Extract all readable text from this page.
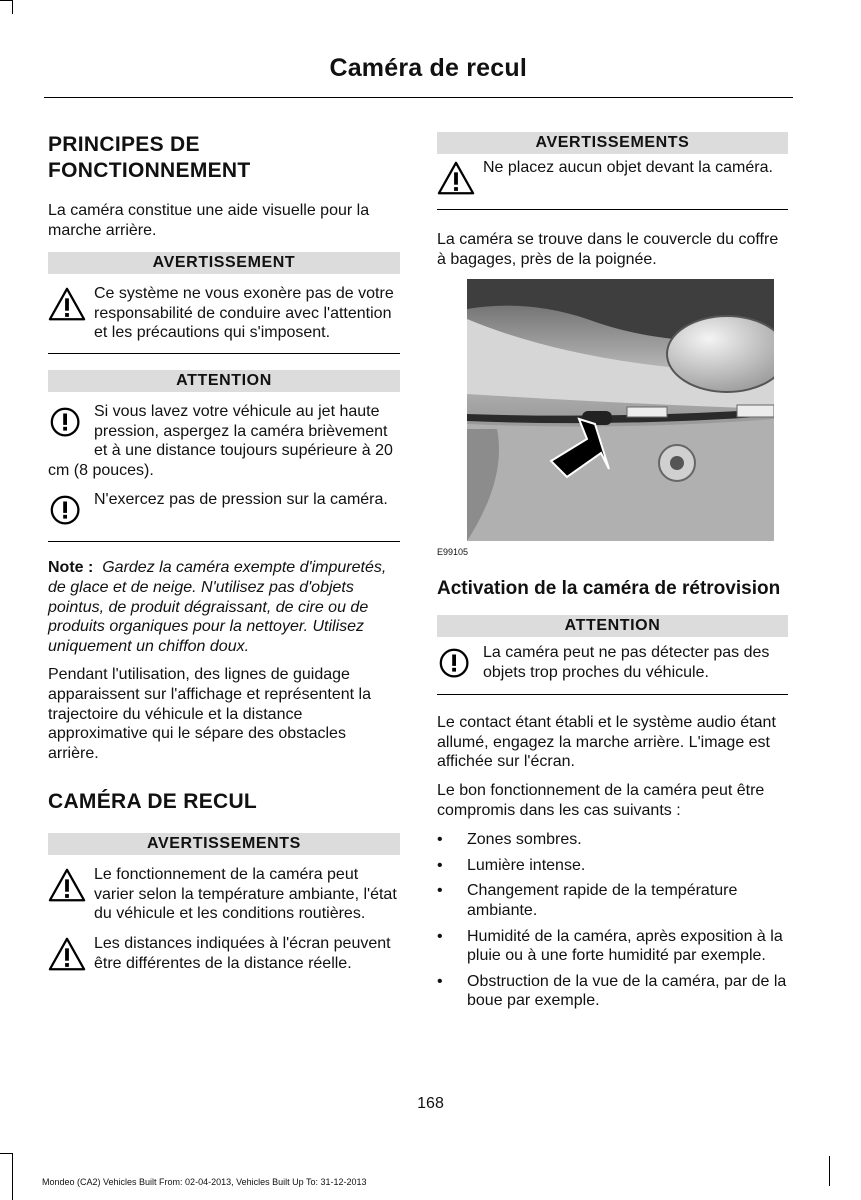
Caméra de recul
PRINCIPES DE FONCTIONNEMENT

La caméra constitue une aide visuelle pour la marche arrière.

AVERTISSEMENT
Ce système ne vous exonère pas de votre responsabilité de conduire avec l'attention et les précautions qui s'imposent.
ATTENTION
Si vous lavez votre véhicule au jet haute pression, aspergez la caméra brièvement et à une distance toujours supérieure à 20 cm (8 pouces).
N'exercez pas de pression sur la caméra.

Note : Gardez la caméra exempte d'impuretés, de glace et de neige. N'utilisez pas d'objets pointus, de produit dégraissant, de cire ou de produits organiques pour la nettoyer. Utilisez uniquement un chiffon doux.

Pendant l'utilisation, des lignes de guidage apparaissent sur l'affichage et représentent la trajectoire du véhicule et la distance approximative qui le sépare des obstacles arrière.

CAMÉRA DE RECUL
AVERTISSEMENTS
Le fonctionnement de la caméra peut varier selon la température ambiante, l'état du véhicule et les conditions routières.
Les distances indiquées à l'écran peuvent être différentes de la distance réelle.
AVERTISSEMENTS
Ne placez aucun objet devant la caméra.

La caméra se trouve dans le couvercle du coffre à bagages, près de la poignée.

E99105
Activation de la caméra de rétrovision
ATTENTION
La caméra peut ne pas détecter pas des objets trop proches du véhicule.

Le contact étant établi et le système audio étant allumé, engagez la marche arrière. L'image est affichée sur l'écran.

Le bon fonctionnement de la caméra peut être compromis dans les cas suivants :

• Zones sombres.
• Lumière intense.
• Changement rapide de la température ambiante.
• Humidité de la caméra, après exposition à la pluie ou à une forte humidité par exemple.
• Obstruction de la vue de la caméra, par de la boue par exemple.
168
Mondeo (CA2) Vehicles Built From: 02-04-2013, Vehicles Built Up To: 31-12-2013
